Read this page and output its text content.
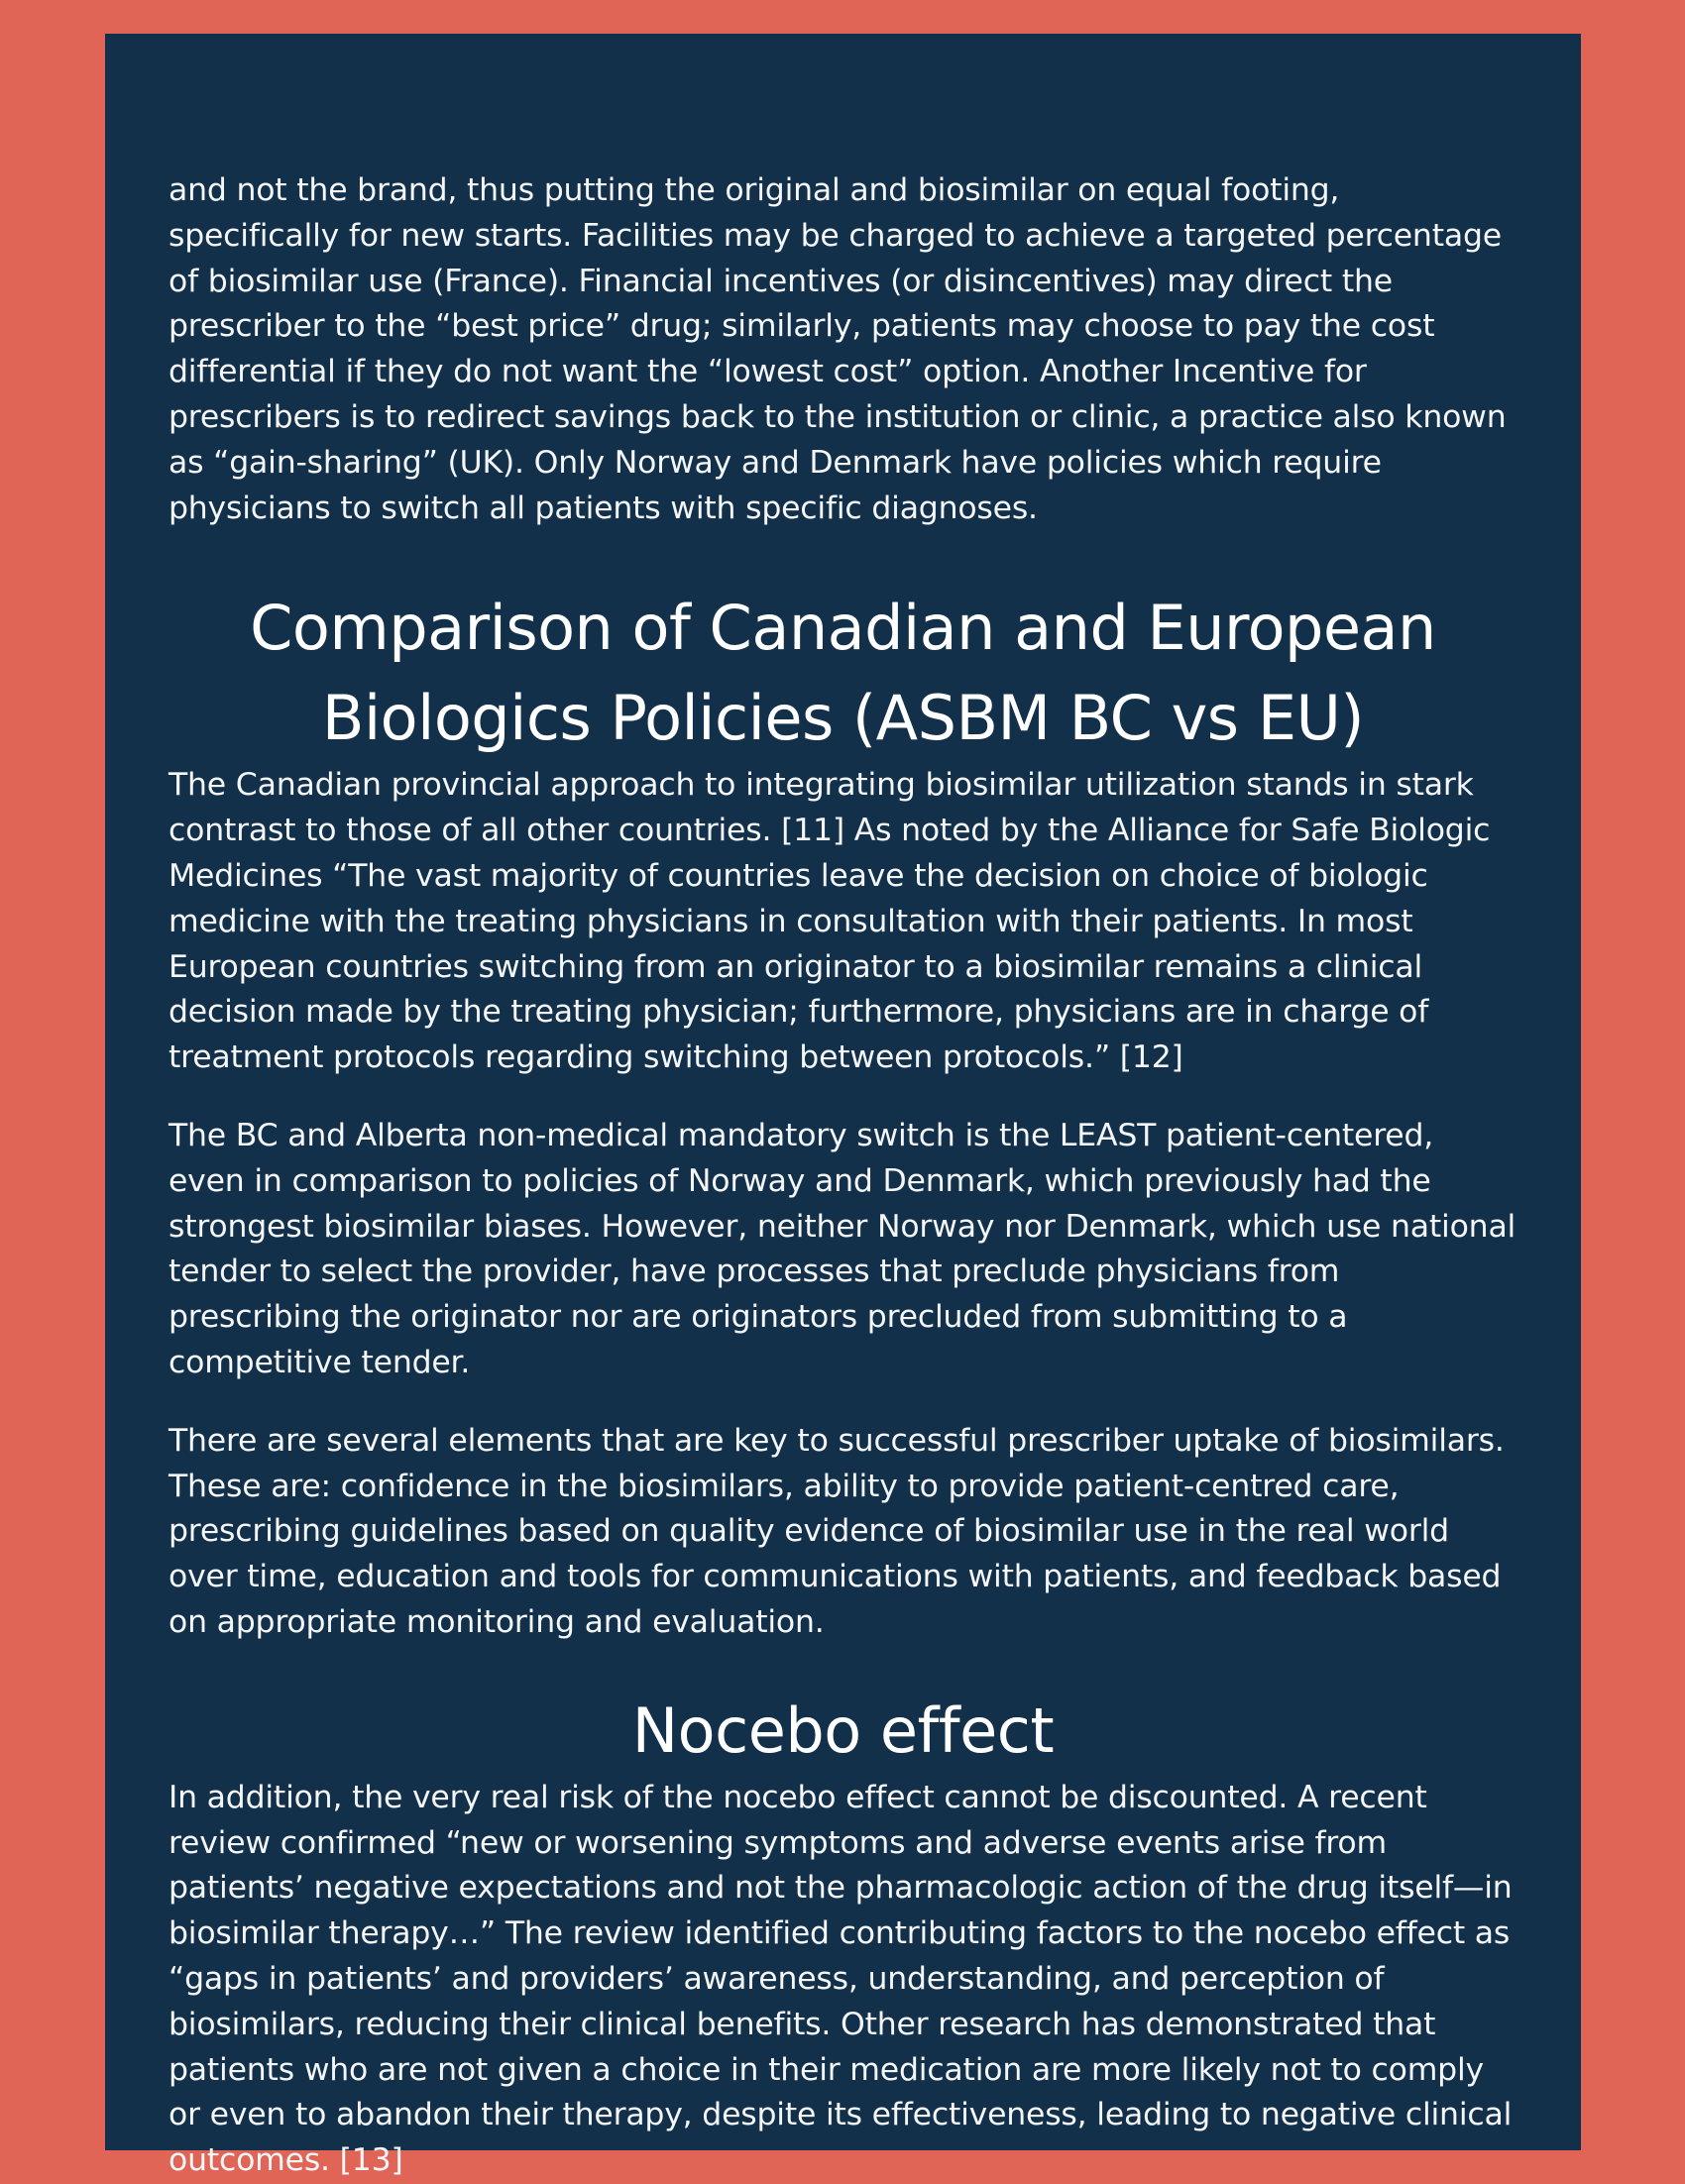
and not the brand, thus putting the original and biosimilar on equal footing, specifically for new starts. Facilities may be charged to achieve a targeted percentage of biosimilar use (France). Financial incentives (or disincentives) may direct the prescriber to the “best price” drug; similarly, patients may choose to pay the cost differential if they do not want the “lowest cost” option. Another Incentive for prescribers is to redirect savings back to the institution or clinic, a practice also known as “gain-sharing” (UK). Only Norway and Denmark have policies which require physicians to switch all patients with specific diagnoses.

Comparison of Canadian and European
Biologics Policies (ASBM BC vs EU)

The Canadian provincial approach to integrating biosimilar utilization stands in stark contrast to those of all other countries. [11] As noted by the Alliance for Safe Biologic Medicines “The vast majority of countries leave the decision on choice of biologic medicine with the treating physicians in consultation with their patients. In most European countries switching from an originator to a biosimilar remains a clinical decision made by the treating physician; furthermore, physicians are in charge of treatment protocols regarding switching between protocols.” [12]

The BC and Alberta non-medical mandatory switch is the LEAST patient-centered, even in comparison to policies of Norway and Denmark, which previously had the strongest biosimilar biases. However, neither Norway nor Denmark, which use national tender to select the provider, have processes that preclude physicians from prescribing the originator nor are originators precluded from submitting to a competitive tender.

There are several elements that are key to successful prescriber uptake of biosimilars. These are: confidence in the biosimilars, ability to provide patient-centred care, prescribing guidelines based on quality evidence of biosimilar use in the real world over time, education and tools for communications with patients, and feedback based on appropriate monitoring and evaluation.

Nocebo effect

In addition, the very real risk of the nocebo effect cannot be discounted. A recent review confirmed “new or worsening symptoms and adverse events arise from patients’ negative expectations and not the pharmacologic action of the drug itself—in biosimilar therapy…” The review identified contributing factors to the nocebo effect as “gaps in patients’ and providers’ awareness, understanding, and perception of biosimilars, reducing their clinical benefits. Other research has demonstrated that patients who are not given a choice in their medication are more likely not to comply or even to abandon their therapy, despite its effectiveness, leading to negative clinical outcomes. [13]
